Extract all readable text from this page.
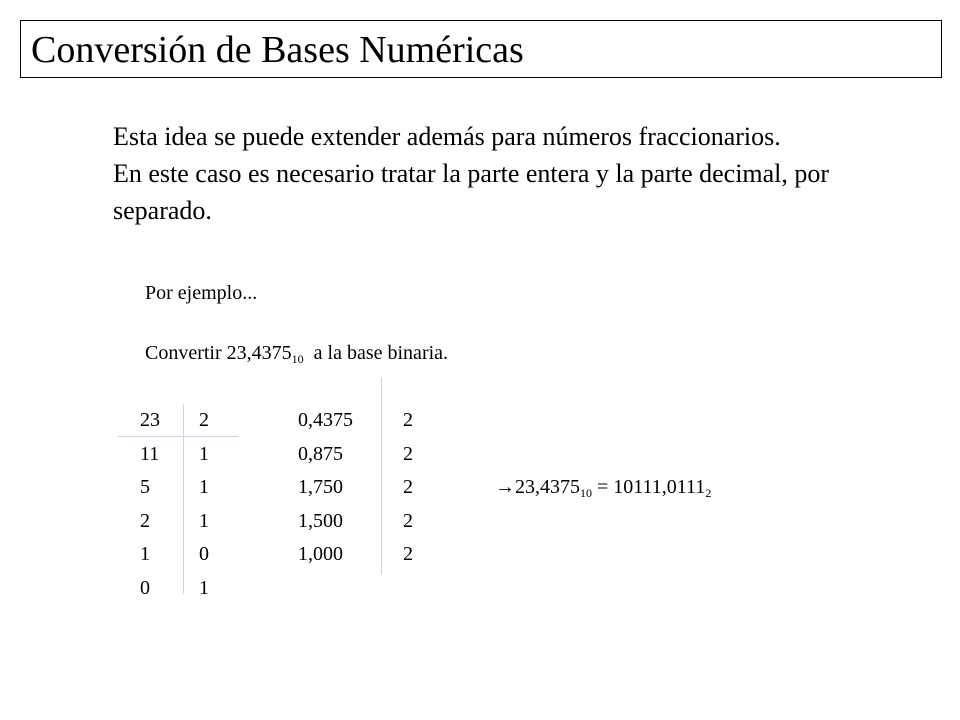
Conversión de Bases Numéricas

Esta idea se puede extender además para números fraccionarios.

En este caso es necesario tratar la parte entera y la parte decimal, por separado.

Por ejemplo...
Convertir $23,4375_{10}$ a la base binaria.
23 2
11 1
5 1
2 1
1 0
0 1
0,4375	2
0,875	2
1,750	2
1,500	2
1,000	2
$\to 23,4375_{10} = 10111,0111_2$
